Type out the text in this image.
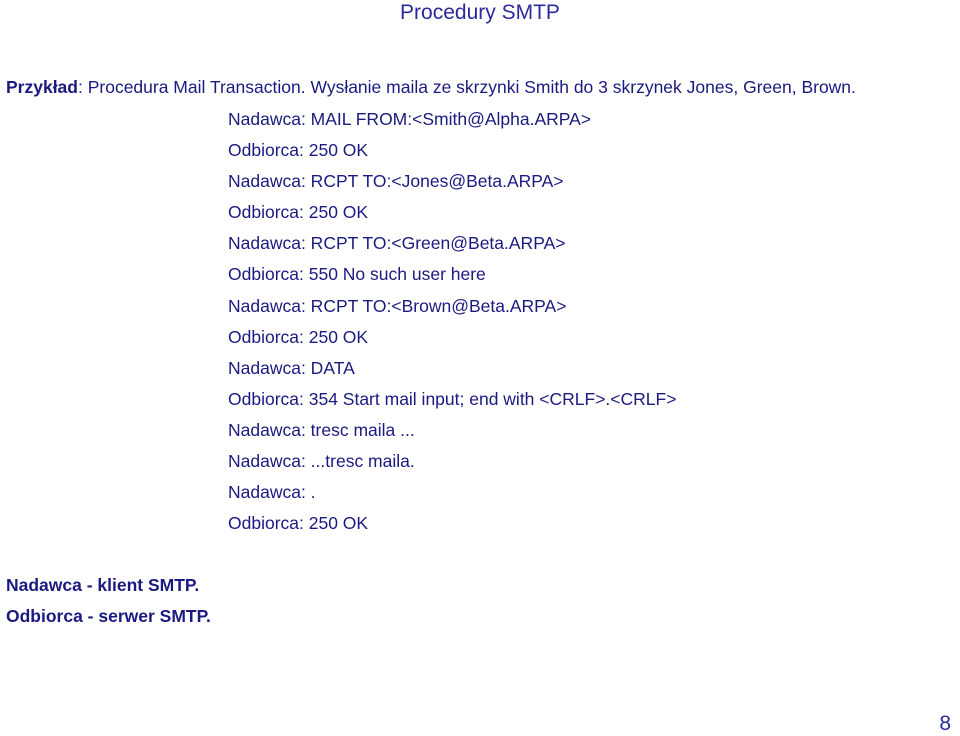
Procedury SMTP
Przykład: Procedura Mail Transaction. Wysłanie maila ze skrzynki Smith do 3 skrzynek Jones, Green, Brown.
Nadawca: MAIL FROM:<Smith@Alpha.ARPA>
Odbiorca: 250 OK
Nadawca: RCPT TO:<Jones@Beta.ARPA>
Odbiorca: 250 OK
Nadawca: RCPT TO:<Green@Beta.ARPA>
Odbiorca: 550 No such user here
Nadawca: RCPT TO:<Brown@Beta.ARPA>
Odbiorca: 250 OK
Nadawca: DATA
Odbiorca: 354 Start mail input; end with <CRLF>.<CRLF>
Nadawca: tresc maila ...
Nadawca: ...tresc maila.
Nadawca: .
Odbiorca: 250 OK
Nadawca - klient SMTP.
Odbiorca - serwer SMTP.
8
